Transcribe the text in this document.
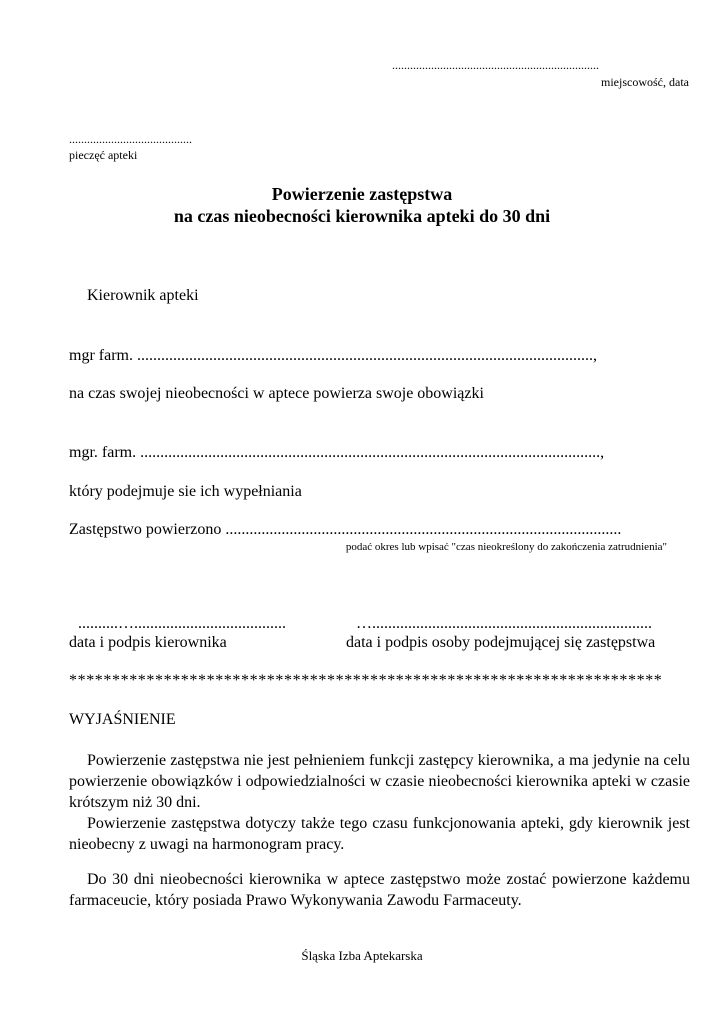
.....................................................................
miejscowość, data
.........................................
pieczęć apteki
Powierzenie zastępstwa
na czas nieobecności kierownika apteki do 30 dni
Kierownik apteki
mgr farm. ..................................................................................................................,
na czas swojej nieobecności w aptece powierza swoje obowiązki
mgr. farm. ...................................................................................................................,
który podejmuje sie ich wypełniania
Zastępstwo powierzono ...................................................................................................
podać okres lub wpisać "czas nieokreślony do zakończenia zatrudnienia"
..........…......................................	…......................................................................
data i podpis kierownika	data i podpis osoby podejmującej się zastępstwa
*********************************************************************
WYJAŚNIENIE
Powierzenie zastępstwa nie jest pełnieniem funkcji zastępcy kierownika, a ma jedynie na celu powierzenie obowiązków i odpowiedzialności w czasie nieobecności kierownika apteki w czasie krótszym niż 30 dni.
Powierzenie zastępstwa dotyczy także tego czasu funkcjonowania apteki, gdy kierownik jest nieobecny z uwagi na harmonogram pracy.
Do 30 dni nieobecności kierownika w aptece zastępstwo może zostać powierzone każdemu farmaceucie, który posiada Prawo Wykonywania Zawodu Farmaceuty.
Śląska Izba Aptekarska
